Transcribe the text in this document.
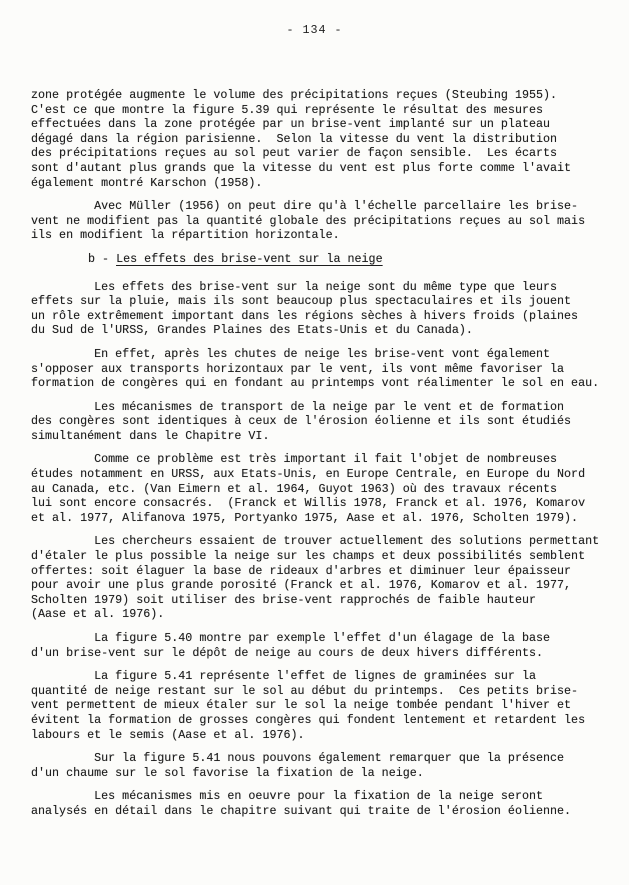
- 134 -
zone protégée augmente le volume des précipitations reçues (Steubing 1955).
C'est ce que montre la figure 5.39 qui représente le résultat des mesures
effectuées dans la zone protégée par un brise-vent implanté sur un plateau
dégagé dans la région parisienne.  Selon la vitesse du vent la distribution
des précipitations reçues au sol peut varier de façon sensible.  Les écarts
sont d'autant plus grands que la vitesse du vent est plus forte comme l'avait
également montré Karschon (1958).
Avec Müller (1956) on peut dire qu'à l'échelle parcellaire les brise-
vent ne modifient pas la quantité globale des précipitations reçues au sol mais
ils en modifient la répartition horizontale.
b - Les effets des brise-vent sur la neige
Les effets des brise-vent sur la neige sont du même type que leurs
effets sur la pluie, mais ils sont beaucoup plus spectaculaires et ils jouent
un rôle extrêmement important dans les régions sèches à hivers froids (plaines
du Sud de l'URSS, Grandes Plaines des Etats-Unis et du Canada).
En effet, après les chutes de neige les brise-vent vont également
s'opposer aux transports horizontaux par le vent, ils vont même favoriser la
formation de congères qui en fondant au printemps vont réalimenter le sol en eau.
Les mécanismes de transport de la neige par le vent et de formation
des congères sont identiques à ceux de l'érosion éolienne et ils sont étudiés
simultanément dans le Chapitre VI.
Comme ce problème est très important il fait l'objet de nombreuses
études notamment en URSS, aux Etats-Unis, en Europe Centrale, en Europe du Nord
au Canada, etc. (Van Eimern et al. 1964, Guyot 1963) où des travaux récents
lui sont encore consacrés.  (Franck et Willis 1978, Franck et al. 1976, Komarov
et al. 1977, Alifanova 1975, Portyanko 1975, Aase et al. 1976, Scholten 1979).
Les chercheurs essaient de trouver actuellement des solutions permettant
d'étaler le plus possible la neige sur les champs et deux possibilités semblent
offertes: soit élaguer la base de rideaux d'arbres et diminuer leur épaisseur
pour avoir une plus grande porosité (Franck et al. 1976, Komarov et al. 1977,
Scholten 1979) soit utiliser des brise-vent rapprochés de faible hauteur
(Aase et al. 1976).
La figure 5.40 montre par exemple l'effet d'un élagage de la base
d'un brise-vent sur le dépôt de neige au cours de deux hivers différents.
La figure 5.41 représente l'effet de lignes de graminées sur la
quantité de neige restant sur le sol au début du printemps.  Ces petits brise-
vent permettent de mieux étaler sur le sol la neige tombée pendant l'hiver et
évitent la formation de grosses congères qui fondent lentement et retardent les
labours et le semis (Aase et al. 1976).
Sur la figure 5.41 nous pouvons également remarquer que la présence
d'un chaume sur le sol favorise la fixation de la neige.
Les mécanismes mis en oeuvre pour la fixation de la neige seront
analysés en détail dans le chapitre suivant qui traite de l'érosion éolienne.
